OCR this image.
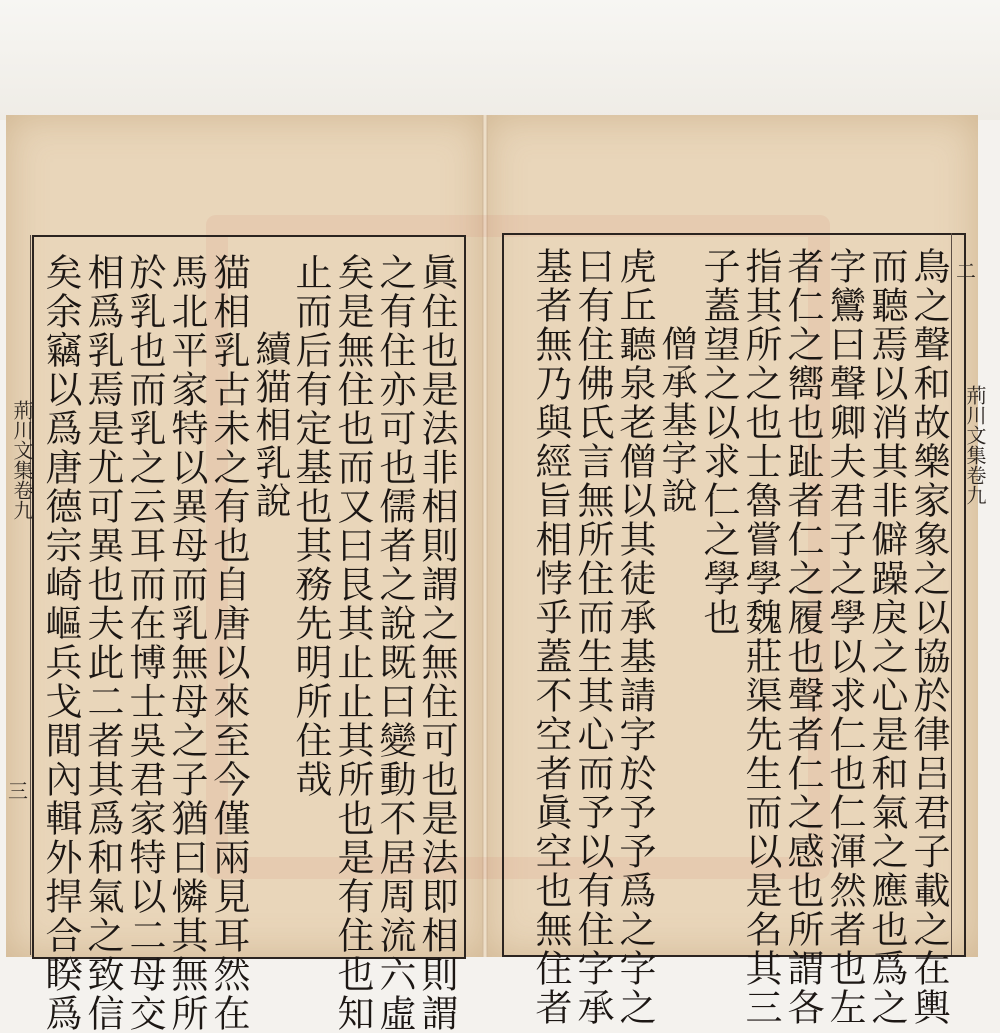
鳥之聲和故樂家象之以協於律吕君子載之在輿
而聽焉以消其非僻躁戾之心是和氣之應也爲之
字鸞曰聲卿夫君子之學以求仁也仁渾然者也左
者仁之嚮也趾者仁之履也聲者仁之感也所謂各
指其所之也士魯嘗學魏莊渠先生而以是名其三
子蓋望之以求仁之學也
僧承基字說
虎丘聽泉老僧以其徒承基請字於予予爲之字之
曰有住佛氏言無所住而生其心而予以有住字承
基者無乃與經旨相悖乎蓋不空者眞空也無住者	荊川文集卷九
二
眞住也是法非相則謂之無住可也是法即相則謂
之有住亦可也儒者之說既曰變動不居周流六虛
矣是無住也而又曰艮其止止其所也是有住也知
止而后有定基也其務先明所住哉
續猫相乳說
猫相乳古未之有也自唐以來至今僅兩見耳然在
馬北平家特以異母而乳無母之子猶曰憐其無所
於乳也而乳之云耳而在博士吳君家特以二母交
相爲乳焉是尤可異也夫此二者其爲和氣之致信
矣余竊以爲唐德宗崎嶇兵戈間內輯外捍合睽爲
荊川文集卷九
三
